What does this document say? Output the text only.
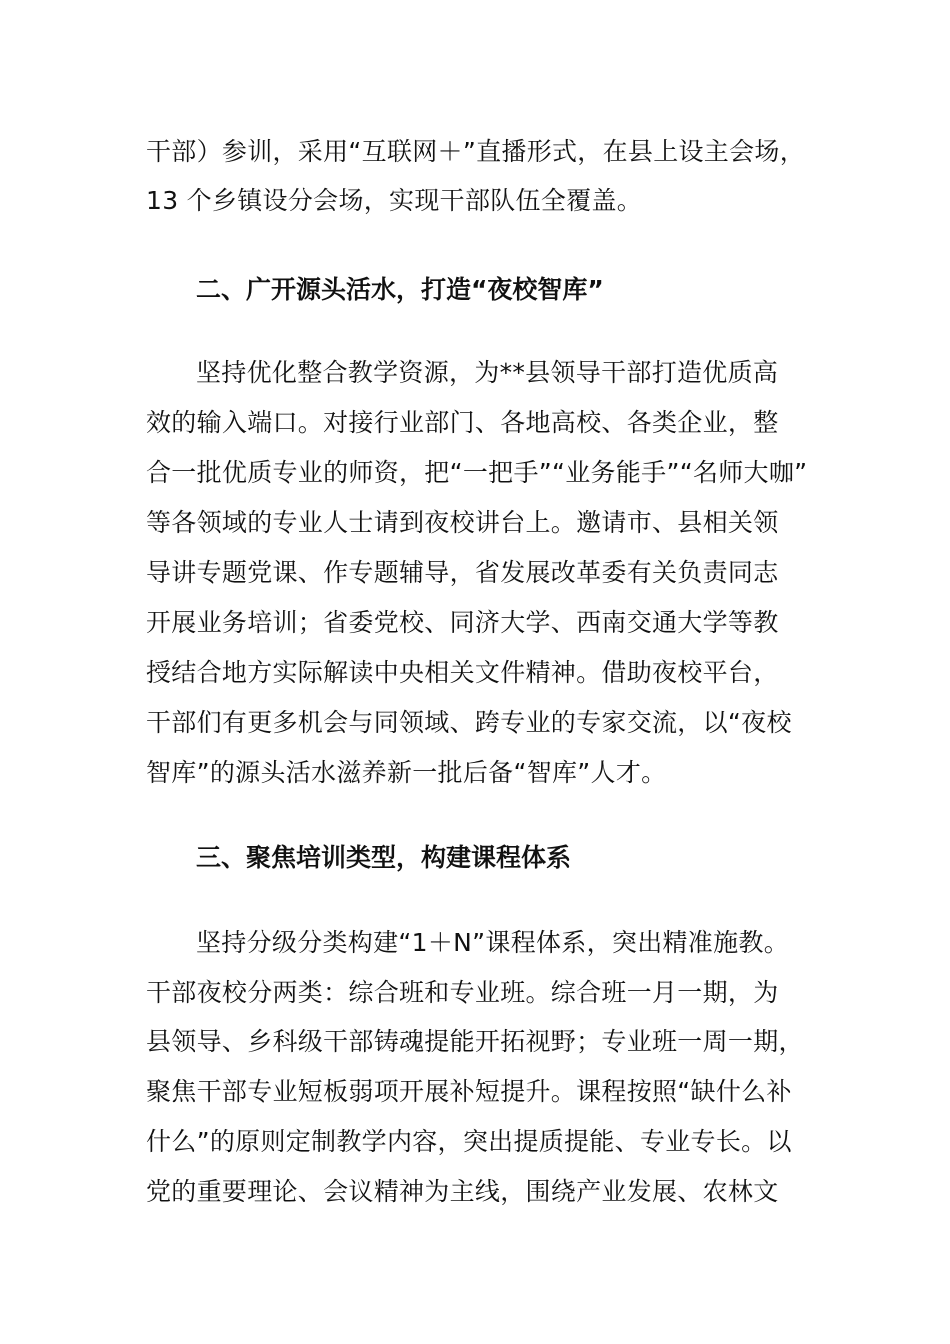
干部）参训，采用“互联网＋”直播形式，在县上设主会场，
13 个乡镇设分会场，实现干部队伍全覆盖。
二、广开源头活水，打造“夜校智库”
坚持优化整合教学资源，为**县领导干部打造优质高
效的输入端口。对接行业部门、各地高校、各类企业，整
合一批优质专业的师资，把“一把手”“业务能手”“名师大咖”
等各领域的专业人士请到夜校讲台上。邀请市、县相关领
导讲专题党课、作专题辅导，省发展改革委有关负责同志
开展业务培训；省委党校、同济大学、西南交通大学等教
授结合地方实际解读中央相关文件精神。借助夜校平台，
干部们有更多机会与同领域、跨专业的专家交流，以“夜校
智库”的源头活水滋养新一批后备“智库”人才。
三、聚焦培训类型，构建课程体系
坚持分级分类构建“1＋N”课程体系，突出精准施教。
干部夜校分两类：综合班和专业班。综合班一月一期，为
县领导、乡科级干部铸魂提能开拓视野；专业班一周一期，
聚焦干部专业短板弱项开展补短提升。课程按照“缺什么补
什么”的原则定制教学内容，突出提质提能、专业专长。以
党的重要理论、会议精神为主线，围绕产业发展、农林文
